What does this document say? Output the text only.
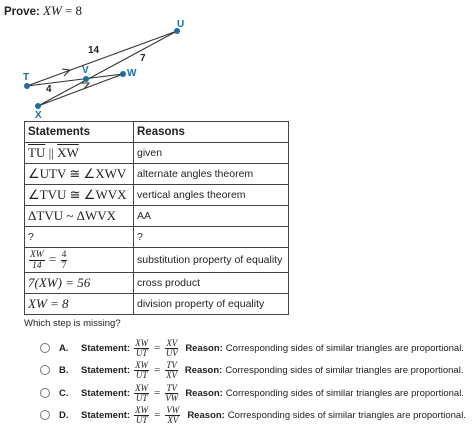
Prove: XW = 8
T
V	W
U
X
14
7
4
Statements	Reasons
$\overline{TU}$ || $\overline{XW}$	given
∠UTV ≅ ∠XWV	alternate angles theorem
∠TVU ≅ ∠WVX	vertical angles theorem
ΔTVU ~ ΔWVX	AA
?	?

$\frac{XW}{14} = \frac{4}{7}$	substitution property of equality
7(XW) = 56	cross product
XW = 8	division property of equality
Which step is missing?
A.	Statement: $\frac{XW}{UT} = \frac{XV}{UV}$ Reason: Corresponding sides of similar triangles are proportional.
B.	Statement: $\frac{XW}{UT} = \frac{TV}{XV}$ Reason: Corresponding sides of similar triangles are proportional.
C.	Statement: $\frac{XW}{UT} = \frac{TV}{VW}$ Reason: Corresponding sides of similar triangles are proportional.
D.	Statement: $\frac{XW}{UT} = \frac{VW}{XV}$ Reason: Corresponding sides of similar triangles are proportional.
